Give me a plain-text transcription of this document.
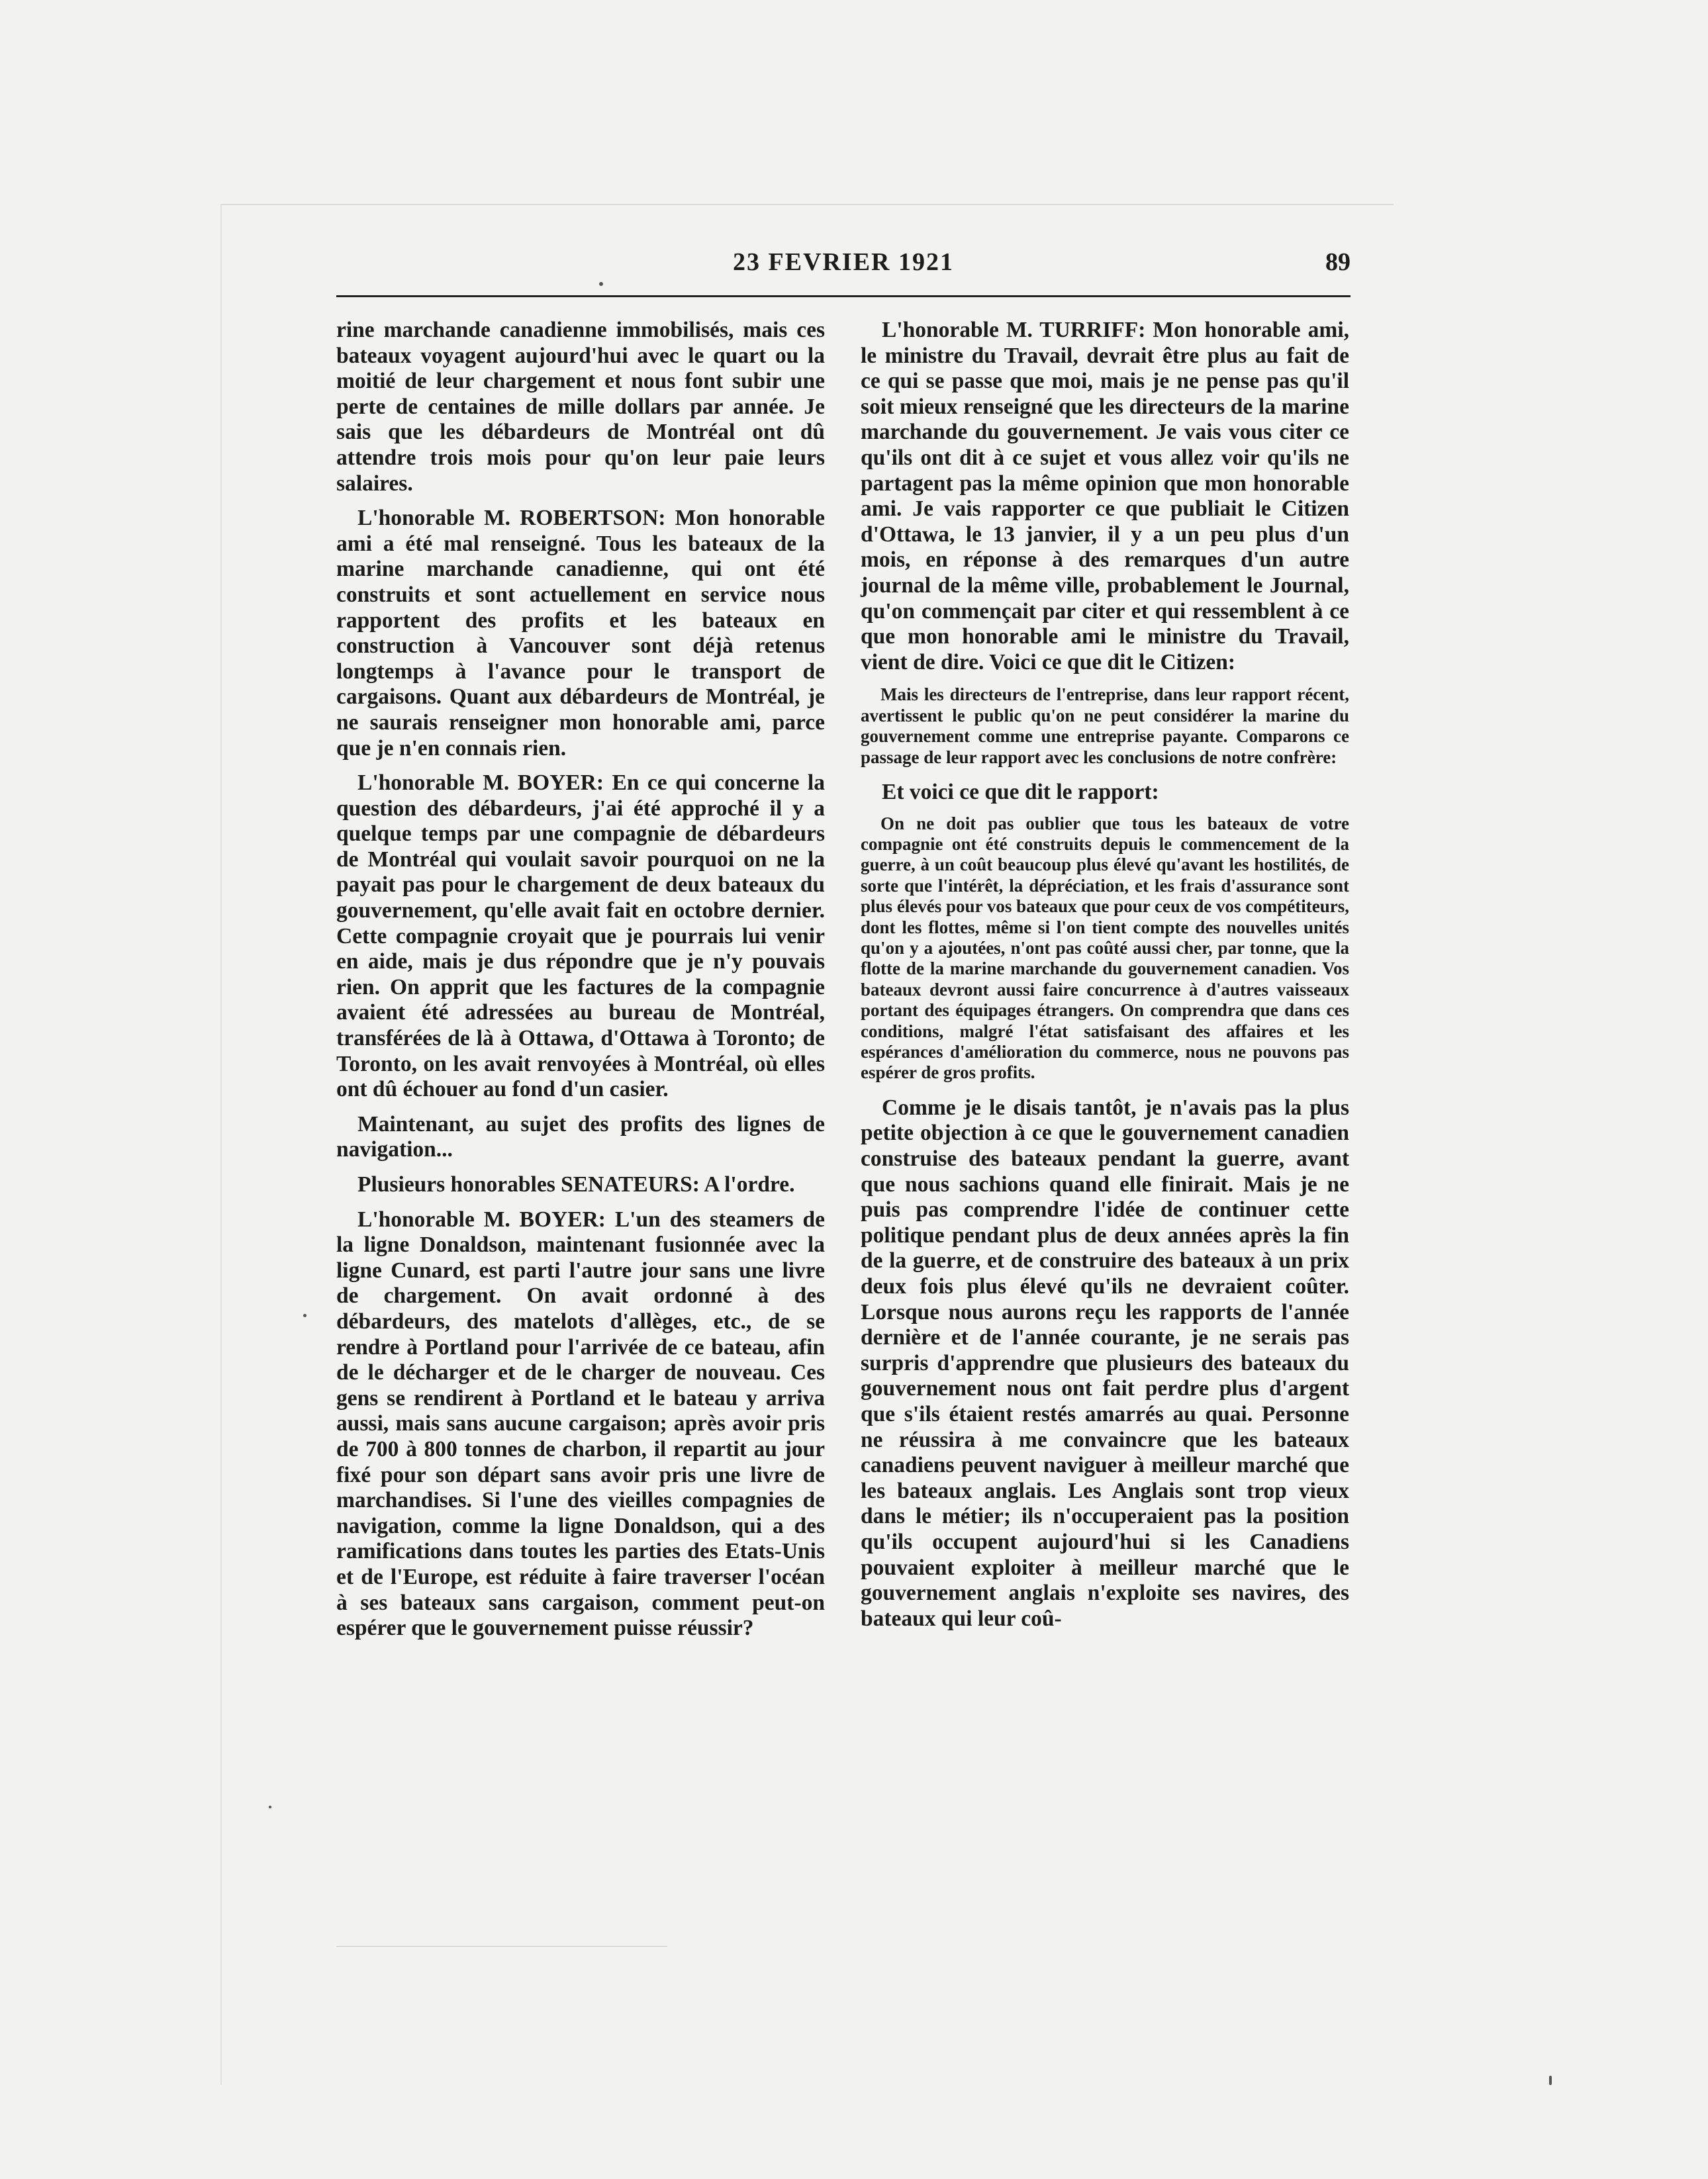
23 FEVRIER 1921	89

rine marchande canadienne immobilisés, mais ces bateaux voyagent aujourd'hui avec le quart ou la moitié de leur chargement et nous font subir une perte de centaines de mille dollars par année. Je sais que les débardeurs de Montréal ont dû attendre trois mois pour qu'on leur paie leurs salaires.

L'honorable M. ROBERTSON: Mon honorable ami a été mal renseigné. Tous les bateaux de la marine marchande canadienne, qui ont été construits et sont actuellement en service nous rapportent des profits et les bateaux en construction à Vancouver sont déjà retenus longtemps à l'avance pour le transport de cargaisons. Quant aux débardeurs de Montréal, je ne saurais renseigner mon honorable ami, parce que je n'en connais rien.

L'honorable M. BOYER: En ce qui concerne la question des débardeurs, j'ai été approché il y a quelque temps par une compagnie de débardeurs de Montréal qui voulait savoir pourquoi on ne la payait pas pour le chargement de deux bateaux du gouvernement, qu'elle avait fait en octobre dernier. Cette compagnie croyait que je pourrais lui venir en aide, mais je dus répondre que je n'y pouvais rien. On apprit que les factures de la compagnie avaient été adressées au bureau de Montréal, transférées de là à Ottawa, d'Ottawa à Toronto; de Toronto, on les avait renvoyées à Montréal, où elles ont dû échouer au fond d'un casier.

Maintenant, au sujet des profits des lignes de navigation...

Plusieurs honorables SENATEURS: A l'ordre.

L'honorable M. BOYER: L'un des steamers de la ligne Donaldson, maintenant fusionnée avec la ligne Cunard, est parti l'autre jour sans une livre de chargement. On avait ordonné à des débardeurs, des matelots d'allèges, etc., de se rendre à Portland pour l'arrivée de ce bateau, afin de le décharger et de le charger de nouveau. Ces gens se rendirent à Portland et le bateau y arriva aussi, mais sans aucune cargaison; après avoir pris de 700 à 800 tonnes de charbon, il repartit au jour fixé pour son départ sans avoir pris une livre de marchandises. Si l'une des vieilles compagnies de navigation, comme la ligne Donaldson, qui a des ramifications dans toutes les parties des Etats-Unis et de l'Europe, est réduite à faire traverser l'océan à ses bateaux sans cargaison, comment peut-on espérer que le gouvernement puisse réussir?

L'honorable M. TURRIFF: Mon honorable ami, le ministre du Travail, devrait être plus au fait de ce qui se passe que moi, mais je ne pense pas qu'il soit mieux renseigné que les directeurs de la marine marchande du gouvernement. Je vais vous citer ce qu'ils ont dit à ce sujet et vous allez voir qu'ils ne partagent pas la même opinion que mon honorable ami. Je vais rapporter ce que publiait le Citizen d'Ottawa, le 13 janvier, il y a un peu plus d'un mois, en réponse à des remarques d'un autre journal de la même ville, probablement le Journal, qu'on commençait par citer et qui ressemblent à ce que mon honorable ami le ministre du Travail, vient de dire. Voici ce que dit le Citizen:

Mais les directeurs de l'entreprise, dans leur rapport récent, avertissent le public qu'on ne peut considérer la marine du gouvernement comme une entreprise payante. Comparons ce passage de leur rapport avec les conclusions de notre confrère:

Et voici ce que dit le rapport:

On ne doit pas oublier que tous les bateaux de votre compagnie ont été construits depuis le commencement de la guerre, à un coût beaucoup plus élevé qu'avant les hostilités, de sorte que l'intérêt, la dépréciation, et les frais d'assurance sont plus élevés pour vos bateaux que pour ceux de vos compétiteurs, dont les flottes, même si l'on tient compte des nouvelles unités qu'on y a ajoutées, n'ont pas coûté aussi cher, par tonne, que la flotte de la marine marchande du gouvernement canadien. Vos bateaux devront aussi faire concurrence à d'autres vaisseaux portant des équipages étrangers. On comprendra que dans ces conditions, malgré l'état satisfaisant des affaires et les espérances d'amélioration du commerce, nous ne pouvons pas espérer de gros profits.

Comme je le disais tantôt, je n'avais pas la plus petite objection à ce que le gouvernement canadien construise des bateaux pendant la guerre, avant que nous sachions quand elle finirait. Mais je ne puis pas comprendre l'idée de continuer cette politique pendant plus de deux années après la fin de la guerre, et de construire des bateaux à un prix deux fois plus élevé qu'ils ne devraient coûter. Lorsque nous aurons reçu les rapports de l'année dernière et de l'année courante, je ne serais pas surpris d'apprendre que plusieurs des bateaux du gouvernement nous ont fait perdre plus d'argent que s'ils étaient restés amarrés au quai. Personne ne réussira à me convaincre que les bateaux canadiens peuvent naviguer à meilleur marché que les bateaux anglais. Les Anglais sont trop vieux dans le métier; ils n'occuperaient pas la position qu'ils occupent aujourd'hui si les Canadiens pouvaient exploiter à meilleur marché que le gouvernement anglais n'exploite ses navires, des bateaux qui leur coû-
